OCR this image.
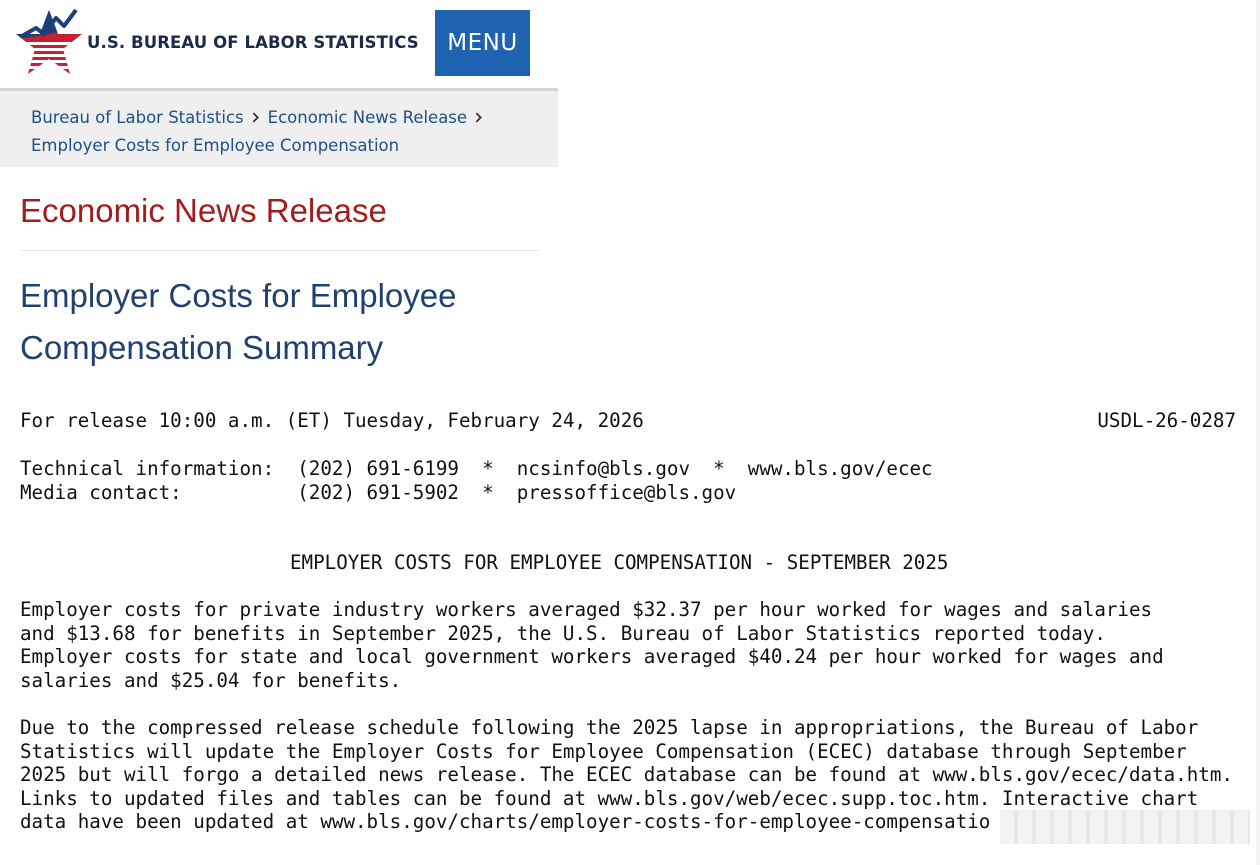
U.S. BUREAU OF LABOR STATISTICS	MENU
Bureau of Labor Statistics Economic News Release
Employer Costs for Employee Compensation
Economic News Release
Employer Costs for Employee Compensation Summary
For release 10:00 a.m. (ET) Tuesday, February 24, 2026	USDL-26-0287
Technical information:  (202) 691-6199  *  ncsinfo@bls.gov  *  www.bls.gov/ecec
Media contact:          (202) 691-5902  *  pressoffice@bls.gov
EMPLOYER COSTS FOR EMPLOYEE COMPENSATION - SEPTEMBER 2025
Employer costs for private industry workers averaged $32.37 per hour worked for wages and salaries
and $13.68 for benefits in September 2025, the U.S. Bureau of Labor Statistics reported today.
Employer costs for state and local government workers averaged $40.24 per hour worked for wages and
salaries and $25.04 for benefits.
Due to the compressed release schedule following the 2025 lapse in appropriations, the Bureau of Labor
Statistics will update the Employer Costs for Employee Compensation (ECEC) database through September
2025 but will forgo a detailed news release. The ECEC database can be found at www.bls.gov/ecec/data.htm.
Links to updated files and tables can be found at www.bls.gov/web/ecec.supp.toc.htm. Interactive chart
data have been updated at www.bls.gov/charts/employer-costs-for-employee-compensatio
